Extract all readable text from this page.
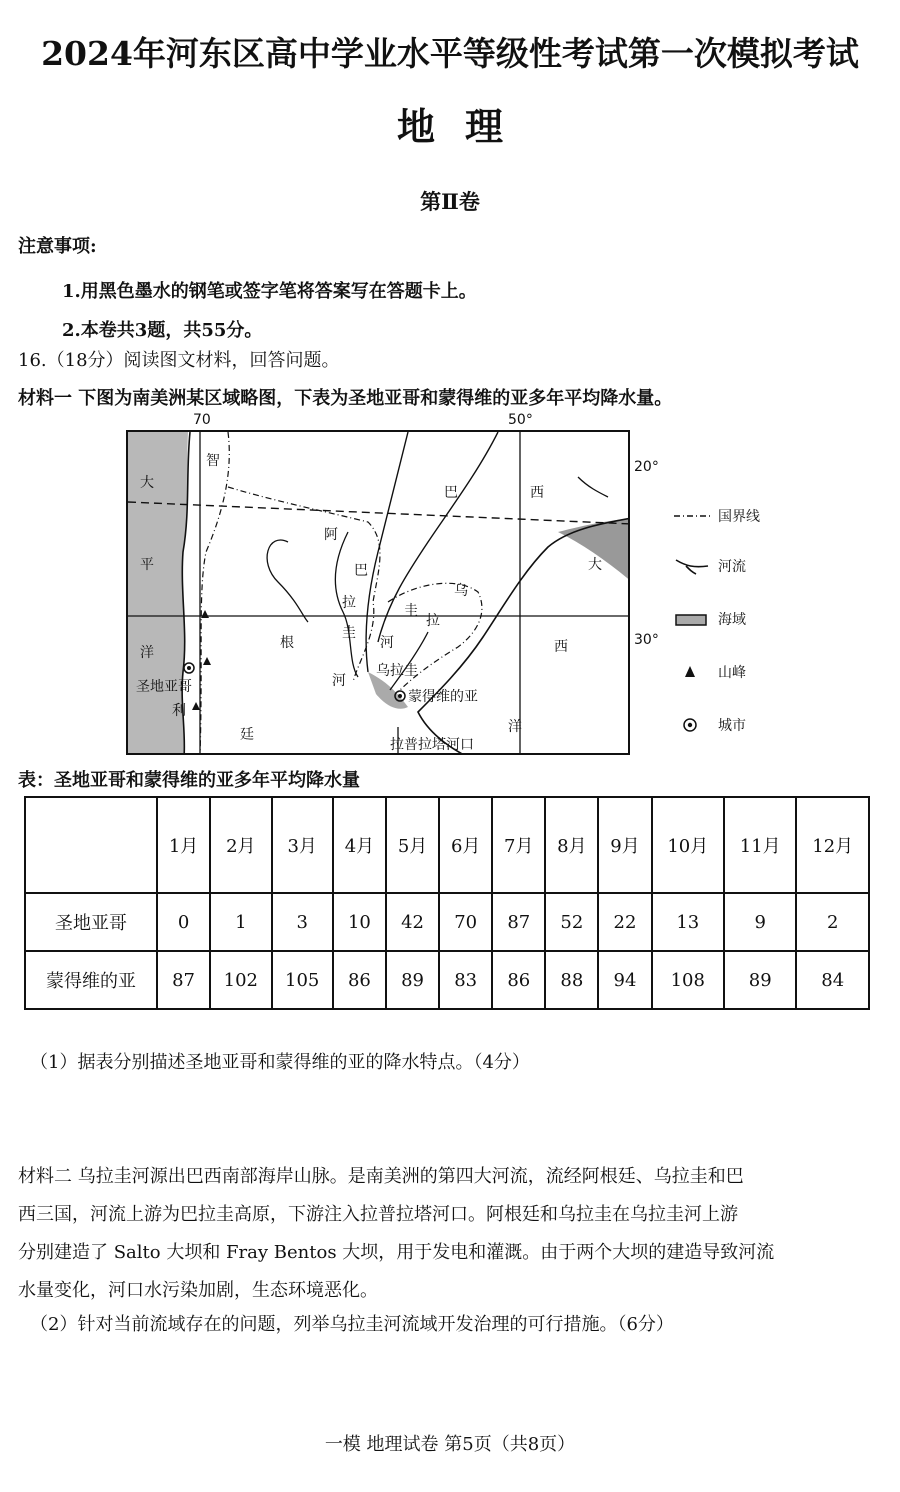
2024年河东区高中学业水平等级性考试第一次模拟考试
地理
第Ⅱ卷
注意事项:
1.用黑色墨水的钢笔或签字笔将答案写在答题卡上。
2.本卷共3题，共55分。
16.（18分）阅读图文材料，回答问题。
材料一 下图为南美洲某区域略图，下表为圣地亚哥和蒙得维的亚多年平均降水量。
70	50°
20°
30°
大
平
洋
智
利
阿
根
廷
巴
拉	圭
乌
拉
圭
巴	西
大
西
洋
河
河
乌拉圭
圣地亚哥
蒙得维的亚
拉普拉塔河口
国界线
河流
海域
山峰
城市
表：圣地亚哥和蒙得维的亚多年平均降水量
	1月	2月	3月	4月	5月	6月	7月	8月	9月	10月	11月	12月
圣地亚哥	0	1	3	10	42	70	87	52	22	13	9	2
蒙得维的亚	87	102	105	86	89	83	86	88	94	108	89	84
（1）据表分别描述圣地亚哥和蒙得维的亚的降水特点。（4分）
材料二 乌拉圭河源出巴西南部海岸山脉。是南美洲的第四大河流，流经阿根廷、乌拉圭和巴
西三国，河流上游为巴拉圭高原，下游注入拉普拉塔河口。阿根廷和乌拉圭在乌拉圭河上游
分别建造了 Salto 大坝和 Fray Bentos 大坝，用于发电和灌溉。由于两个大坝的建造导致河流
水量变化，河口水污染加剧，生态环境恶化。
（2）针对当前流域存在的问题，列举乌拉圭河流域开发治理的可行措施。（6分）
一模 地理试卷 第5页（共8页）
